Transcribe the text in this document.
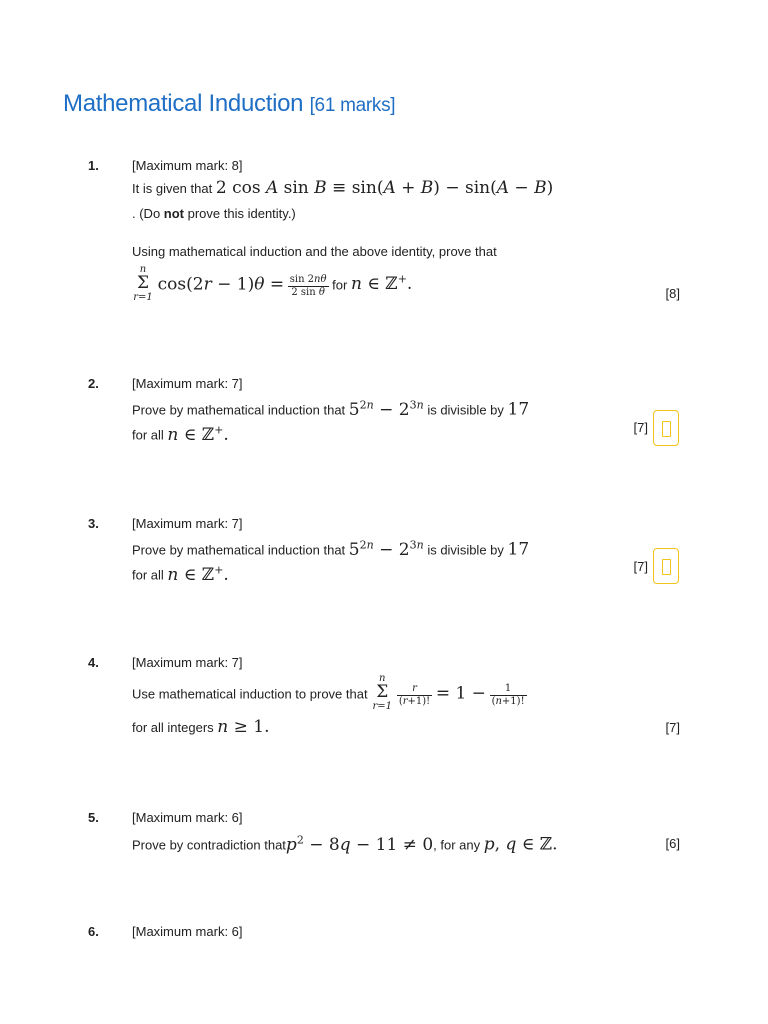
Mathematical Induction [61 marks]
1.	[Maximum mark: 8]
It is given that 2 cos A sin B ≡ sin(A + B) − sin(A − B)
. (Do not prove this identity.)
Using mathematical induction and the above identity, prove that
n
Σ
r=1
$\cos(2r - 1)\theta = \frac{\sin 2n\theta}{\text{2 sin θ}}$ for n ∈ ℤ+.	[8]
2.	[Maximum mark: 7]
Prove by mathematical induction that $5^{2n} - 2^{3n}$ is divisible by 17
for all n ∈ ℤ+.	[7]
3.	[Maximum mark: 7]
Prove by mathematical induction that $5^{2n} - 2^{3n}$ is divisible by 17
for all n ∈ ℤ+.	[7]
4.	[Maximum mark: 7]
Use mathematical induction to prove that
n
Σ
r=1
$\frac{r}{(r+1)!} = 1 - \frac{1}{(n+1)!}$
for all integers n ≥ 1.	[7]
5.	[Maximum mark: 6]
Prove by contradiction thatp$^2$ − 8q − 11 ≠ 0, for any p, q ∈ ℤ.	[6]
6.	[Maximum mark: 6]
